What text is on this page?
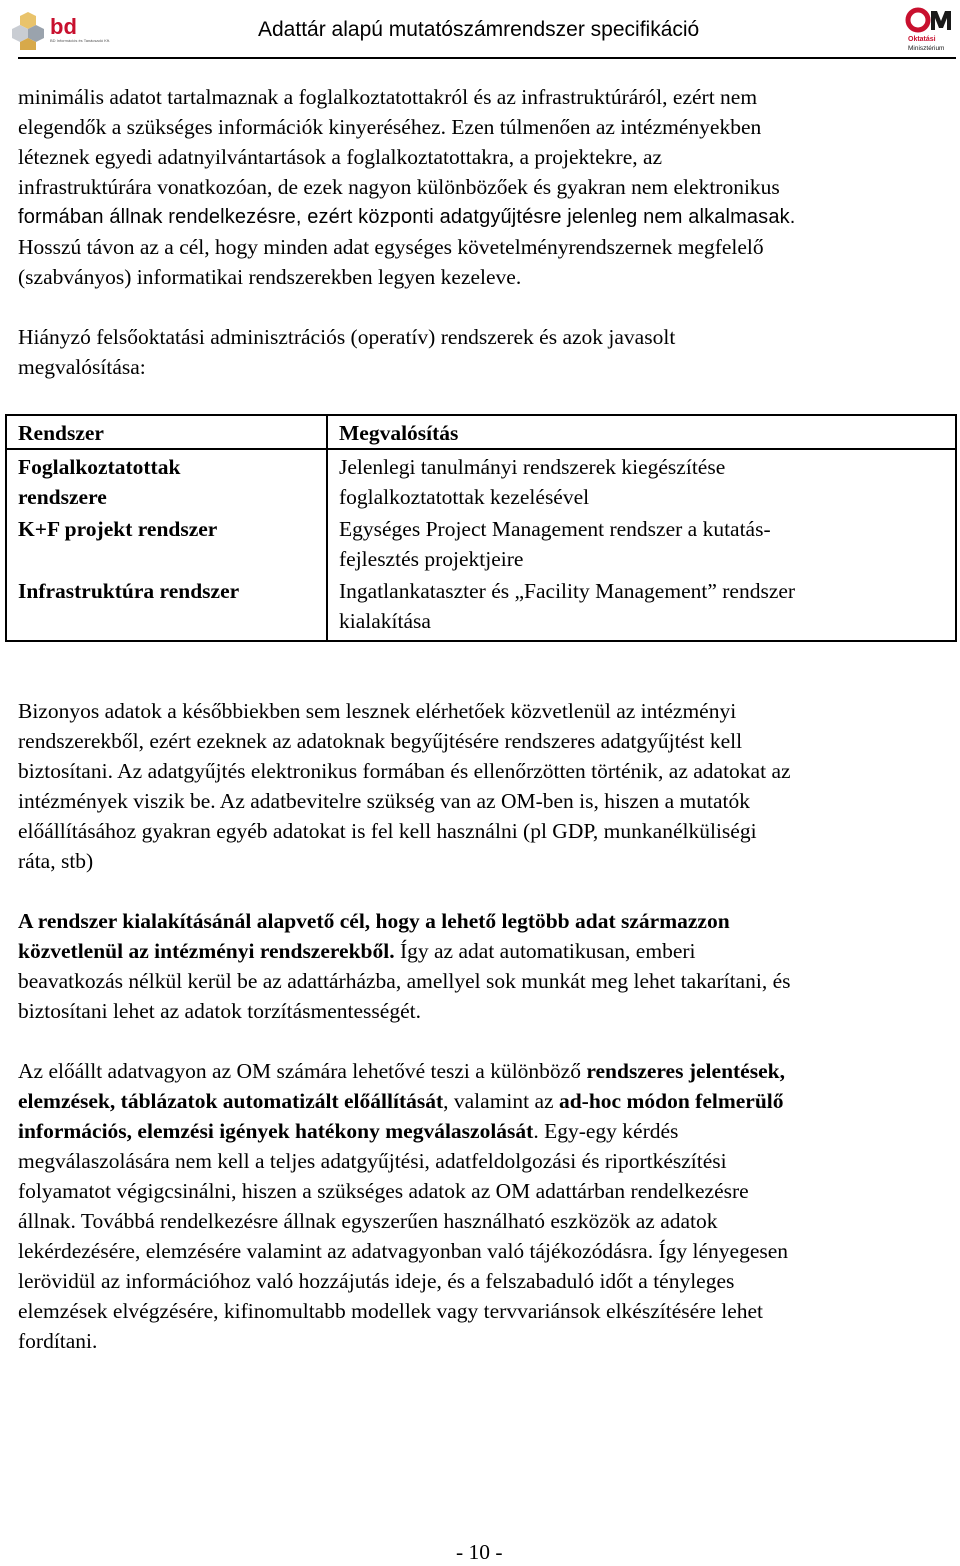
bd
BD Információs és Tanácsadó Kft.	Adattár alapú mutatószámrendszer specifikáció
OM
Oktatási
Minisztérium
minimális adatot tartalmaznak a foglalkoztatottakról és az infrastruktúráról, ezért nem
elegendők a szükséges információk kinyeréséhez. Ezen túlmenően az intézményekben
léteznek egyedi adatnyilvántartások a foglalkoztatottakra, a projektekre, az
infrastruktúrára vonatkozóan, de ezek nagyon különbözőek és gyakran nem elektronikus
formában állnak rendelkezésre, ezért központi adatgyűjtésre jelenleg nem alkalmasak.
Hosszú távon az a cél, hogy minden adat egységes követelményrendszernek megfelelő
(szabványos) informatikai rendszerekben legyen kezeleve.
Hiányzó felsőoktatási adminisztrációs (operatív) rendszerek és azok javasolt
megvalósítása:
Rendszer	Megvalósítás

Foglalkoztatottak
rendszere	Jelenlegi tanulmányi rendszerek kiegészítése
foglalkoztatottak kezelésével

K+F projekt rendszer	Egységes Project Management rendszer a kutatás-
fejlesztés projektjeire

Infrastruktúra rendszer	Ingatlankataszter és „Facility Management” rendszer
kialakítása
Bizonyos adatok a későbbiekben sem lesznek elérhetőek közvetlenül az intézményi
rendszerekből, ezért ezeknek az adatoknak begyűjtésére rendszeres adatgyűjtést kell
biztosítani. Az adatgyűjtés elektronikus formában és ellenőrzötten történik, az adatokat az
intézmények viszik be. Az adatbevitelre szükség van az OM-ben is, hiszen a mutatók
előállításához gyakran egyéb adatokat is fel kell használni (pl GDP, munkanélküliségi
ráta, stb)
A rendszer kialakításánál alapvető cél, hogy a lehető legtöbb adat származzon
közvetlenül az intézményi rendszerekből. Így az adat automatikusan, emberi
beavatkozás nélkül kerül be az adattárházba, amellyel sok munkát meg lehet takarítani, és
biztosítani lehet az adatok torzításmentességét.
Az előállt adatvagyon az OM számára lehetővé teszi a különböző rendszeres jelentések,
elemzések, táblázatok automatizált előállítását, valamint az ad-hoc módon felmerülő
információs, elemzési igények hatékony megválaszolását. Egy-egy kérdés
megválaszolására nem kell a teljes adatgyűjtési, adatfeldolgozási és riportkészítési
folyamatot végigcsinálni, hiszen a szükséges adatok az OM adattárban rendelkezésre
állnak. Továbbá rendelkezésre állnak egyszerűen használható eszközök az adatok
lekérdezésére, elemzésére valamint az adatvagyonban való tájékozódásra. Így lényegesen
lerövidül az információhoz való hozzájutás ideje, és a felszabaduló időt a tényleges
elemzések elvégzésére, kifinomultabb modellek vagy tervvariánsok elkészítésére lehet
fordítani.
- 10 -
